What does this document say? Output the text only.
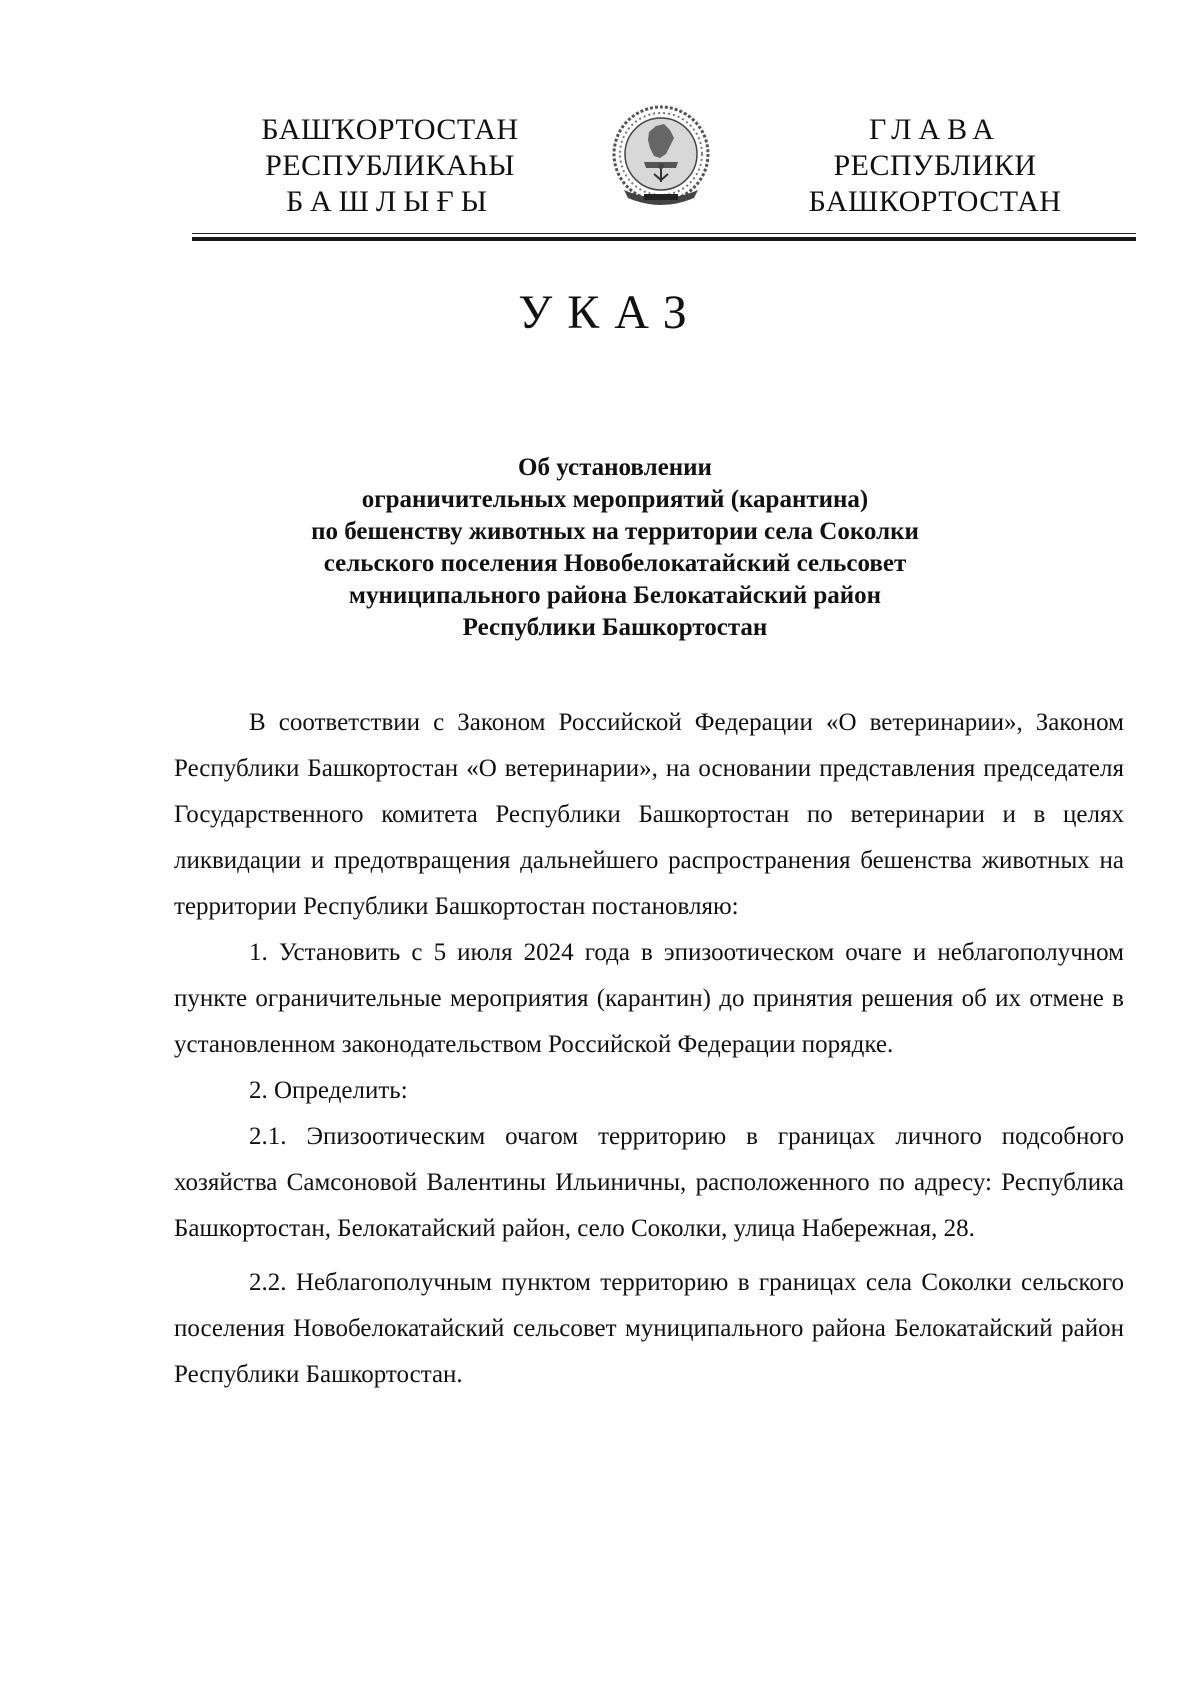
БАШҠОРТОСТАН
РЕСПУБЛИКАҺЫ
БАШЛЫҒЫ
ГЛАВА
РЕСПУБЛИКИ
БАШКОРТОСТАН
УКАЗ
Об установлении
ограничительных мероприятий (карантина)
по бешенству животных на территории села Соколки
сельского поселения Новобелокатайский сельсовет
муниципального района Белокатайский район
Республики Башкортостан

В соответствии с Законом Российской Федерации «О ветеринарии», Законом Республики Башкортостан «О ветеринарии», на основании представления председателя Государственного комитета Республики Башкортостан по ветеринарии и в целях ликвидации и предотвращения дальнейшего распространения бешенства животных на территории Республики Башкортостан постановляю:

1. Установить с 5 июля 2024 года в эпизоотическом очаге и неблагополучном пункте ограничительные мероприятия (карантин) до принятия решения об их отмене в установленном законодательством Российской Федерации порядке.

2. Определить:

2.1. Эпизоотическим очагом территорию в границах личного подсобного хозяйства Самсоновой Валентины Ильиничны, расположенного по адресу: Республика Башкортостан, Белокатайский район, село Соколки, улица Набережная, 28.

2.2. Неблагополучным пунктом территорию в границах села Соколки сельского поселения Новобелокатайский сельсовет муниципального района Белокатайский район Республики Башкортостан.
